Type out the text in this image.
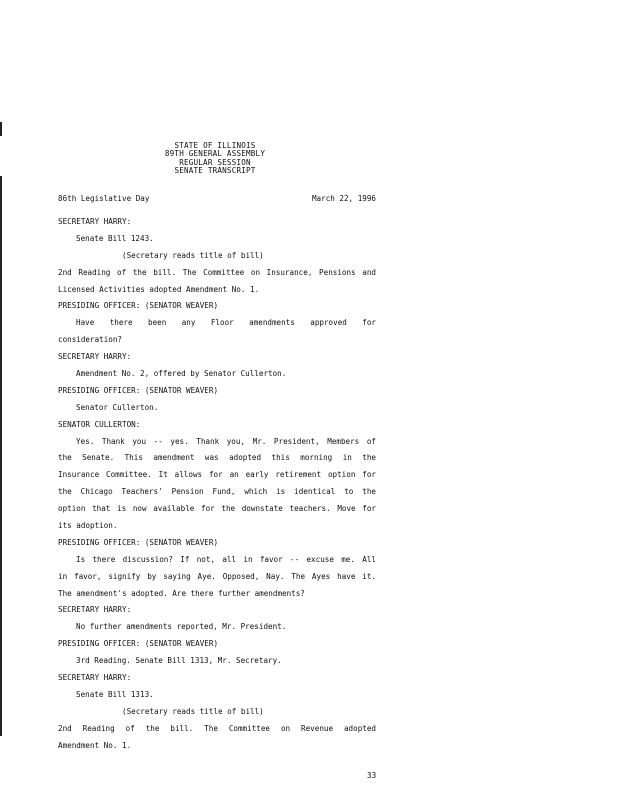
STATE OF ILLINOIS
89TH GENERAL ASSEMBLY
REGULAR SESSION
SENATE TRANSCRIPT
86th Legislative Day	March 22, 1996
SECRETARY HARRY:
Senate Bill 1243.
(Secretary reads title of bill)
2nd Reading of the bill. The Committee on Insurance, Pensions and
Licensed Activities adopted Amendment No. 1.
PRESIDING OFFICER: (SENATOR WEAVER)
Have there been any Floor amendments approved for
consideration?
SECRETARY HARRY:
Amendment No. 2, offered by Senator Cullerton.
PRESIDING OFFICER: (SENATOR WEAVER)
Senator Cullerton.
SENATOR CULLERTON:
Yes. Thank you -- yes. Thank you, Mr. President, Members of
the Senate. This amendment was adopted this morning in the
Insurance Committee. It allows for an early retirement option for
the Chicago Teachers' Pension Fund, which is identical to the
option that is now available for the downstate teachers. Move for
its adoption.
PRESIDING OFFICER: (SENATOR WEAVER)
Is there discussion? If not, all in favor -- excuse me. All
in favor, signify by saying Aye. Opposed, Nay. The Ayes have it.
The amendment's adopted. Are there further amendments?
SECRETARY HARRY:
No further amendments reported, Mr. President.
PRESIDING OFFICER: (SENATOR WEAVER)
3rd Reading. Senate Bill 1313, Mr. Secretary.
SECRETARY HARRY:
Senate Bill 1313.
(Secretary reads title of bill)
2nd Reading of the bill. The Committee on Revenue adopted
Amendment No. 1.
33
